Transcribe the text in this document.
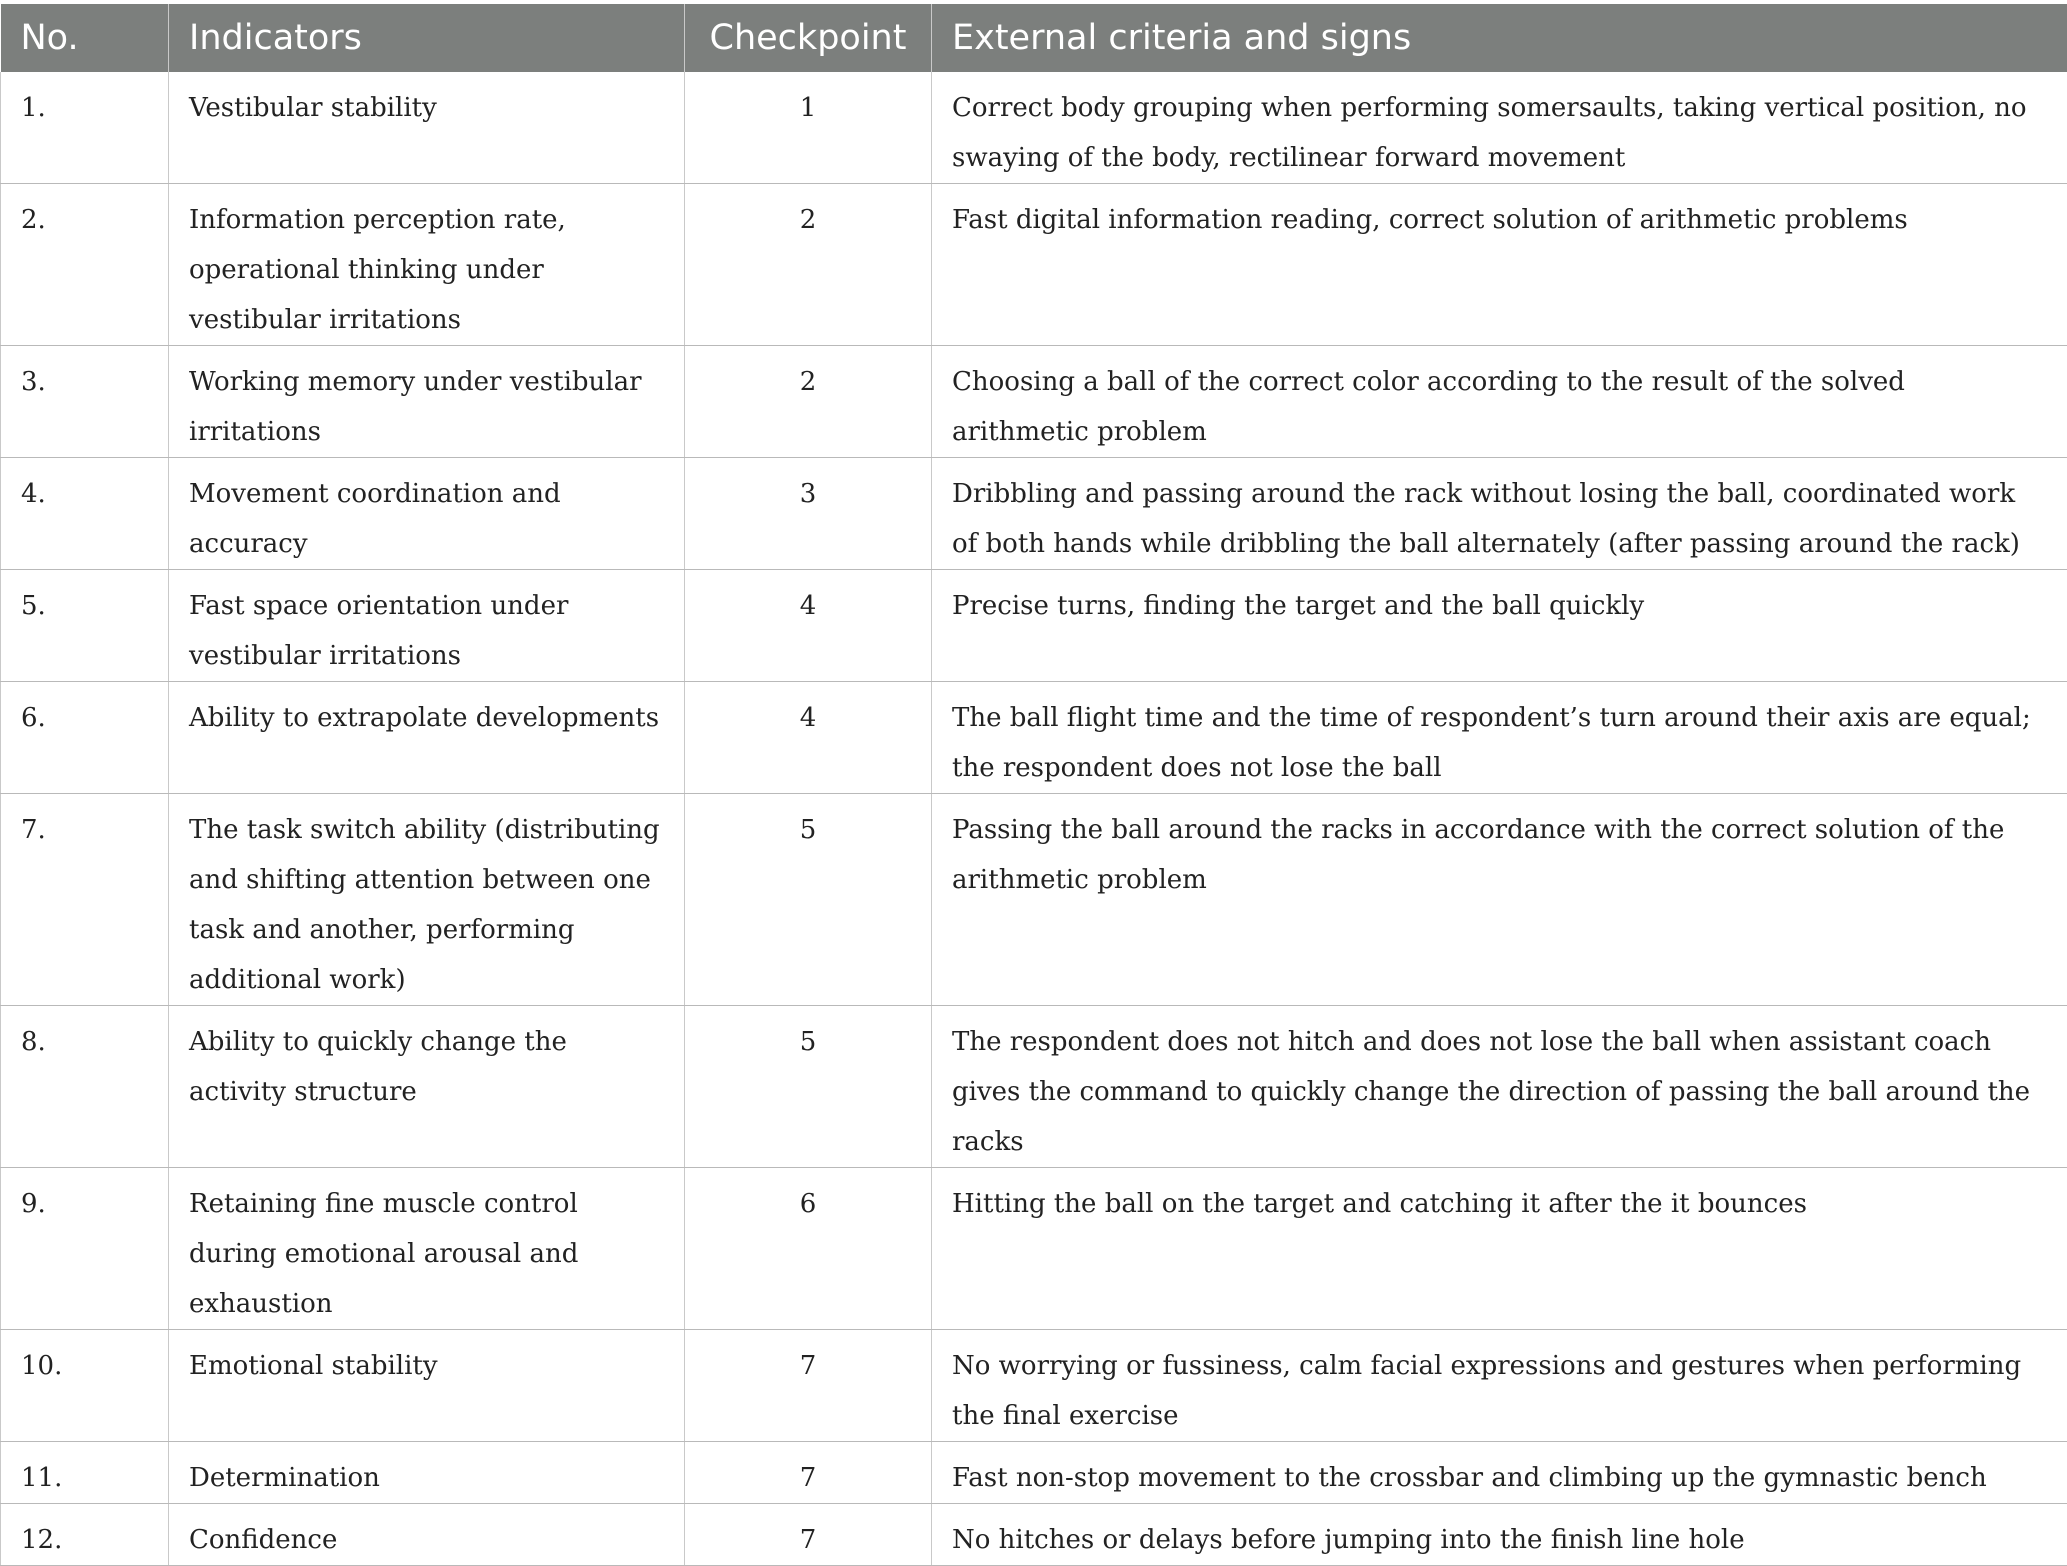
No.	Indicators	Checkpoint	External criteria and signs
1.	Vestibular stability	1	Correct body grouping when performing somersaults, taking vertical position, no swaying of the body, rectilinear forward movement
2.	Information perception rate, operational thinking under vestibular irritations	2	Fast digital information reading, correct solution of arithmetic problems
3.	Working memory under vestibular irritations	2	Choosing a ball of the correct color according to the result of the solved arithmetic problem
4.	Movement coordination and accuracy	3	Dribbling and passing around the rack without losing the ball, coordinated work of both hands while dribbling the ball alternately (after passing around the rack)
5.	Fast space orientation under vestibular irritations	4	Precise turns, finding the target and the ball quickly
6.	Ability to extrapolate developments	4	The ball flight time and the time of respondent’s turn around their axis are equal; the respondent does not lose the ball
7.	The task switch ability (distributing and shifting attention between one task and another, performing additional work)	5	Passing the ball around the racks in accordance with the correct solution of the arithmetic problem
8.	Ability to quickly change the activity structure	5	The respondent does not hitch and does not lose the ball when assistant coach gives the command to quickly change the direction of passing the ball around the racks
9.	Retaining fine muscle control during emotional arousal and exhaustion	6	Hitting the ball on the target and catching it after the it bounces
10.	Emotional stability	7	No worrying or fussiness, calm facial expressions and gestures when performing the final exercise
11.	Determination	7	Fast non-stop movement to the crossbar and climbing up the gymnastic bench
12.	Confidence	7	No hitches or delays before jumping into the finish line hole
